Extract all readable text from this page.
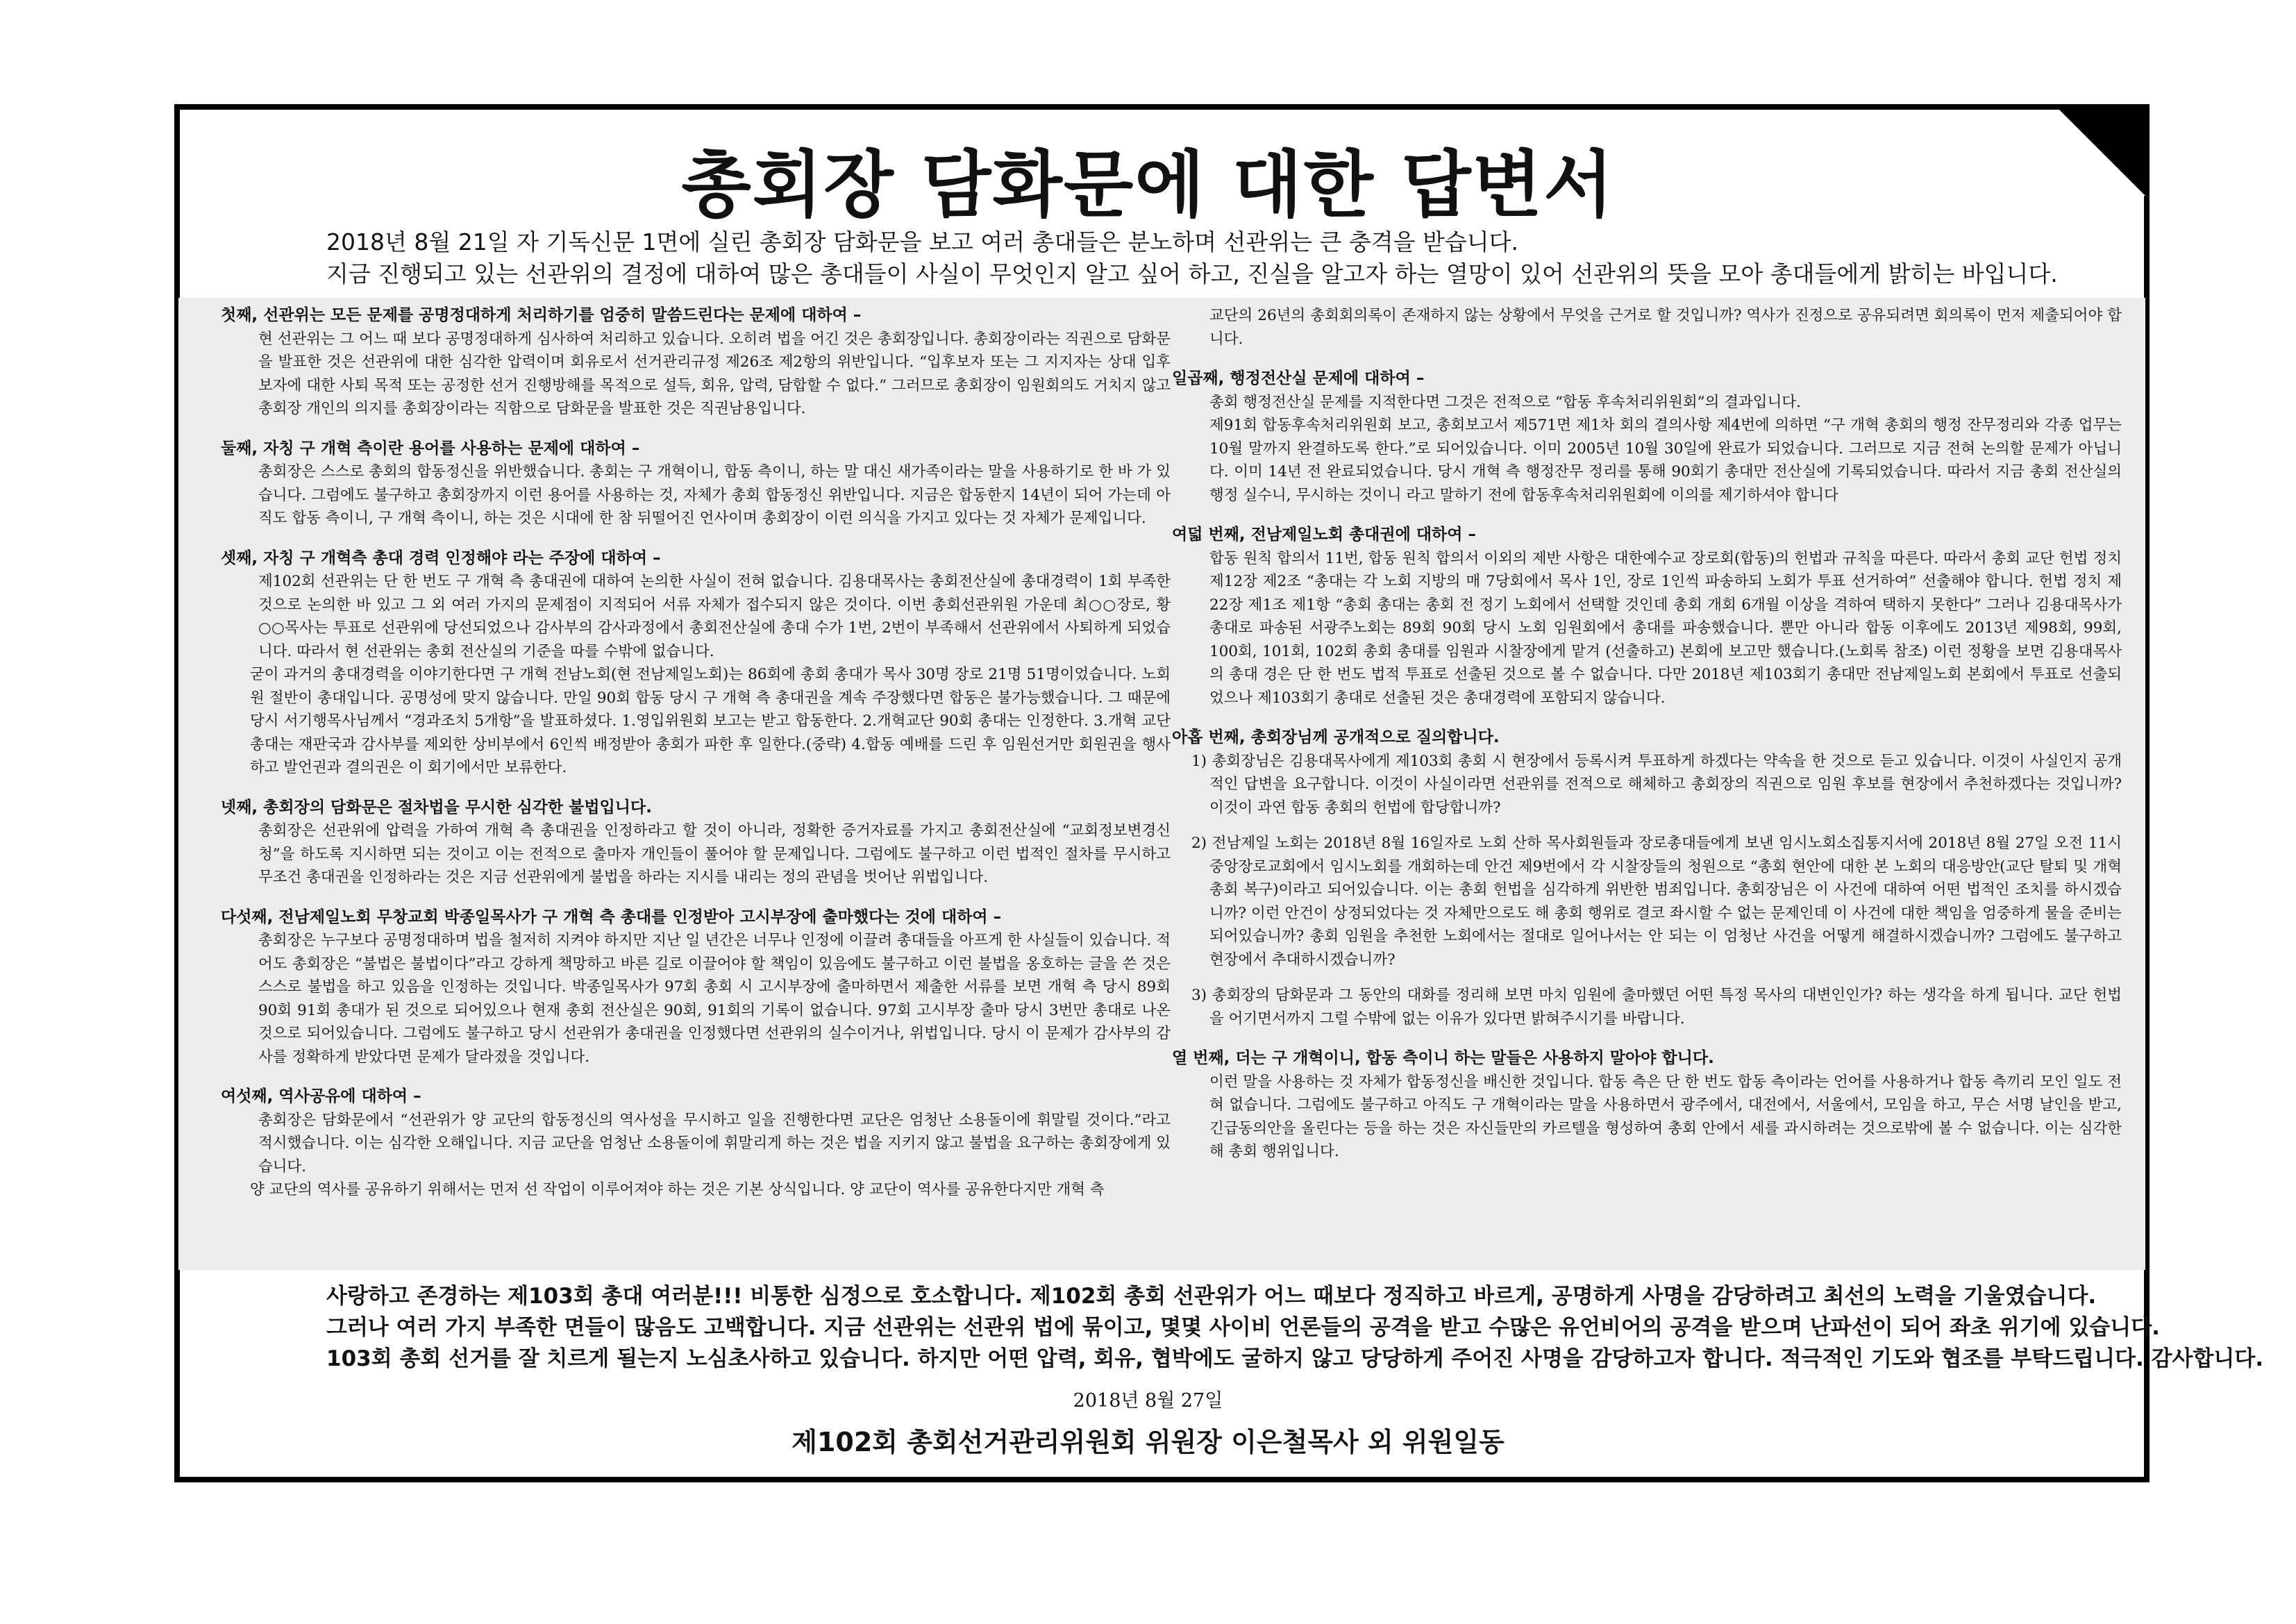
총회장 담화문에 대한 답변서

2018년 8월 21일 자 기독신문 1면에 실린 총회장 담화문을 보고 여러 총대들은 분노하며 선관위는 큰 충격을 받습니다.

지금 진행되고 있는 선관위의 결정에 대하여 많은 총대들이 사실이 무엇인지 알고 싶어 하고, 진실을 알고자 하는 열망이 있어 선관위의 뜻을 모아 총대들에게 밝히는 바입니다.

첫째, 선관위는 모든 문제를 공명정대하게 처리하기를 엄중히 말씀드린다는 문제에 대하여 –

현 선관위는 그 어느 때 보다 공명정대하게 심사하여 처리하고 있습니다. 오히려 법을 어긴 것은 총회장입니다. 총회장이라는 직권으로 담화문을 발표한 것은 선관위에 대한 심각한 압력이며 회유로서 선거관리규정 제26조 제2항의 위반입니다. “입후보자 또는 그 지지자는 상대 입후보자에 대한 사퇴 목적 또는 공정한 선거 진행방해를 목적으로 설득, 회유, 압력, 담합할 수 없다.” 그러므로 총회장이 임원회의도 거치지 않고 총회장 개인의 의지를 총회장이라는 직함으로 담화문을 발표한 것은 직권남용입니다.

둘째, 자칭 구 개혁 측이란 용어를 사용하는 문제에 대하여 –

총회장은 스스로 총회의 합동정신을 위반했습니다. 총회는 구 개혁이니, 합동 측이니, 하는 말 대신 새가족이라는 말을 사용하기로 한 바 가 있습니다. 그럼에도 불구하고 총회장까지 이런 용어를 사용하는 것, 자체가 총회 합동정신 위반입니다. 지금은 합동한지 14년이 되어 가는데 아직도 합동 측이니, 구 개혁 측이니, 하는 것은 시대에 한 참 뒤떨어진 언사이며 총회장이 이런 의식을 가지고 있다는 것 자체가 문제입니다.

셋째, 자칭 구 개혁측 총대 경력 인정해야 라는 주장에 대하여 –

제102회 선관위는 단 한 번도 구 개혁 측 총대권에 대하여 논의한 사실이 전혀 없습니다. 김용대목사는 총회전산실에 총대경력이 1회 부족한 것으로 논의한 바 있고 그 외 여러 가지의 문제점이 지적되어 서류 자체가 접수되지 않은 것이다. 이번 총회선관위원 가운데 최○○장로, 황○○목사는 투표로 선관위에 당선되었으나 감사부의 감사과정에서 총회전산실에 총대 수가 1번, 2번이 부족해서 선관위에서 사퇴하게 되었습니다. 따라서 현 선관위는 총회 전산실의 기준을 따를 수밖에 없습니다.

굳이 과거의 총대경력을 이야기한다면 구 개혁 전남노회(현 전남제일노회)는 86회에 총회 총대가 목사 30명 장로 21명 51명이었습니다. 노회원 절반이 총대입니다. 공명성에 맞지 않습니다. 만일 90회 합동 당시 구 개혁 측 총대권을 계속 주장했다면 합동은 불가능했습니다. 그 때문에 당시 서기행목사님께서 “경과조치 5개항”을 발표하셨다. 1.영입위원회 보고는 받고 합동한다. 2.개혁교단 90회 총대는 인정한다. 3.개혁 교단 총대는 재판국과 감사부를 제외한 상비부에서 6인씩 배정받아 총회가 파한 후 일한다.(중략) 4.합동 예배를 드린 후 임원선거만 회원권을 행사하고 발언권과 결의권은 이 회기에서만 보류한다.

넷째, 총회장의 담화문은 절차법을 무시한 심각한 불법입니다.

총회장은 선관위에 압력을 가하여 개혁 측 총대권을 인정하라고 할 것이 아니라, 정확한 증거자료를 가지고 총회전산실에 “교회정보변경신청”을 하도록 지시하면 되는 것이고 이는 전적으로 출마자 개인들이 풀어야 할 문제입니다. 그럼에도 불구하고 이런 법적인 절차를 무시하고 무조건 총대권을 인정하라는 것은 지금 선관위에게 불법을 하라는 지시를 내리는 정의 관념을 벗어난 위법입니다.

다섯째, 전남제일노회 무창교회 박종일목사가 구 개혁 측 총대를 인정받아 고시부장에 출마했다는 것에 대하여 –

총회장은 누구보다 공명정대하며 법을 철저히 지켜야 하지만 지난 일 년간은 너무나 인정에 이끌려 총대들을 아프게 한 사실들이 있습니다. 적어도 총회장은 “불법은 불법이다”라고 강하게 책망하고 바른 길로 이끌어야 할 책임이 있음에도 불구하고 이런 불법을 옹호하는 글을 쓴 것은 스스로 불법을 하고 있음을 인정하는 것입니다. 박종일목사가 97회 총회 시 고시부장에 출마하면서 제출한 서류를 보면 개혁 측 당시 89회 90회 91회 총대가 된 것으로 되어있으나 현재 총회 전산실은 90회, 91회의 기록이 없습니다. 97회 고시부장 출마 당시 3번만 총대로 나온 것으로 되어있습니다. 그럼에도 불구하고 당시 선관위가 총대권을 인정했다면 선관위의 실수이거나, 위법입니다. 당시 이 문제가 감사부의 감사를 정확하게 받았다면 문제가 달라졌을 것입니다.

여섯째, 역사공유에 대하여 –

총회장은 담화문에서 “선관위가 양 교단의 합동정신의 역사성을 무시하고 일을 진행한다면 교단은 엄청난 소용돌이에 휘말릴 것이다.”라고 적시했습니다. 이는 심각한 오해입니다. 지금 교단을 엄청난 소용돌이에 휘말리게 하는 것은 법을 지키지 않고 불법을 요구하는 총회장에게 있습니다.

양 교단의 역사를 공유하기 위해서는 먼저 선 작업이 이루어져야 하는 것은 기본 상식입니다. 양 교단이 역사를 공유한다지만 개혁 측

교단의 26년의 총회회의록이 존재하지 않는 상황에서 무엇을 근거로 할 것입니까? 역사가 진정으로 공유되려면 회의록이 먼저 제출되어야 합니다.

일곱째, 행정전산실 문제에 대하여 –

총회 행정전산실 문제를 지적한다면 그것은 전적으로 “합동 후속처리위원회”의 결과입니다.

제91회 합동후속처리위원회 보고, 총회보고서 제571면 제1차 회의 결의사항 제4번에 의하면 “구 개혁 총회의 행정 잔무정리와 각종 업무는 10월 말까지 완결하도록 한다.”로 되어있습니다. 이미 2005년 10월 30일에 완료가 되었습니다. 그러므로 지금 전혀 논의할 문제가 아닙니다. 이미 14년 전 완료되었습니다. 당시 개혁 측 행정잔무 정리를 통해 90회기 총대만 전산실에 기록되었습니다. 따라서 지금 총회 전산실의 행정 실수니, 무시하는 것이니 라고 말하기 전에 합동후속처리위원회에 이의를 제기하셔야 합니다

여덟 번째, 전남제일노회 총대권에 대하여 –

합동 원칙 합의서 11번, 합동 원칙 합의서 이외의 제반 사항은 대한예수교 장로회(합동)의 헌법과 규칙을 따른다. 따라서 총회 교단 헌법 정치 제12장 제2조 “총대는 각 노회 지방의 매 7당회에서 목사 1인, 장로 1인씩 파송하되 노회가 투표 선거하여” 선출해야 합니다. 헌법 정치 제22장 제1조 제1항 “총회 총대는 총회 전 정기 노회에서 선택할 것인데 총회 개회 6개월 이상을 격하여 택하지 못한다” 그러나 김용대목사가 총대로 파송된 서광주노회는 89회 90회 당시 노회 임원회에서 총대를 파송했습니다. 뿐만 아니라 합동 이후에도 2013년 제98회, 99회, 100회, 101회, 102회 총회 총대를 임원과 시찰장에게 맡겨 (선출하고) 본회에 보고만 했습니다.(노회록 참조) 이런 정황을 보면 김용대목사의 총대 경은 단 한 번도 법적 투표로 선출된 것으로 볼 수 없습니다. 다만 2018년 제103회기 총대만 전남제일노회 본회에서 투표로 선출되었으나 제103회기 총대로 선출된 것은 총대경력에 포함되지 않습니다.

아홉 번째, 총회장님께 공개적으로 질의합니다.

1) 총회장님은 김용대목사에게 제103회 총회 시 현장에서 등록시켜 투표하게 하겠다는 약속을 한 것으로 듣고 있습니다. 이것이 사실인지 공개적인 답변을 요구합니다. 이것이 사실이라면 선관위를 전적으로 해체하고 총회장의 직권으로 임원 후보를 현장에서 추천하겠다는 것입니까? 이것이 과연 합동 총회의 헌법에 합당합니까?

2) 전남제일 노회는 2018년 8월 16일자로 노회 산하 목사회원들과 장로총대들에게 보낸 임시노회소집통지서에 2018년 8월 27일 오전 11시 중앙장로교회에서 임시노회를 개회하는데 안건 제9번에서 각 시찰장들의 청원으로 “총회 현안에 대한 본 노회의 대응방안(교단 탈퇴 및 개혁총회 복구)이라고 되어있습니다. 이는 총회 헌법을 심각하게 위반한 범죄입니다. 총회장님은 이 사건에 대하여 어떤 법적인 조치를 하시겠습니까? 이런 안건이 상정되었다는 것 자체만으로도 해 총회 행위로 결코 좌시할 수 없는 문제인데 이 사건에 대한 책임을 엄중하게 물을 준비는 되어있습니까? 총회 임원을 추천한 노회에서는 절대로 일어나서는 안 되는 이 엄청난 사건을 어떻게 해결하시겠습니까? 그럼에도 불구하고 현장에서 추대하시겠습니까?

3) 총회장의 담화문과 그 동안의 대화를 정리해 보면 마치 임원에 출마했던 어떤 특정 목사의 대변인인가? 하는 생각을 하게 됩니다. 교단 헌법을 어기면서까지 그럴 수밖에 없는 이유가 있다면 밝혀주시기를 바랍니다.

열 번째, 더는 구 개혁이니, 합동 측이니 하는 말들은 사용하지 말아야 합니다.

이런 말을 사용하는 것 자체가 합동정신을 배신한 것입니다. 합동 측은 단 한 번도 합동 측이라는 언어를 사용하거나 합동 측끼리 모인 일도 전혀 없습니다. 그럼에도 불구하고 아직도 구 개혁이라는 말을 사용하면서 광주에서, 대전에서, 서울에서, 모임을 하고, 무슨 서명 날인을 받고, 긴급동의안을 올린다는 등을 하는 것은 자신들만의 카르텔을 형성하여 총회 안에서 세를 과시하려는 것으로밖에 볼 수 없습니다. 이는 심각한 해 총회 행위입니다.

사랑하고 존경하는 제103회 총대 여러분!!! 비통한 심정으로 호소합니다. 제102회 총회 선관위가 어느 때보다 정직하고 바르게, 공명하게 사명을 감당하려고 최선의 노력을 기울였습니다.

그러나 여러 가지 부족한 면들이 많음도 고백합니다. 지금 선관위는 선관위 법에 묶이고, 몇몇 사이비 언론들의 공격을 받고 수많은 유언비어의 공격을 받으며 난파선이 되어 좌초 위기에 있습니다.

103회 총회 선거를 잘 치르게 될는지 노심초사하고 있습니다. 하지만 어떤 압력, 회유, 협박에도 굴하지 않고 당당하게 주어진 사명을 감당하고자 합니다. 적극적인 기도와 협조를 부탁드립니다. 감사합니다.

2018년 8월 27일
제102회 총회선거관리위원회 위원장 이은철목사 외 위원일동
